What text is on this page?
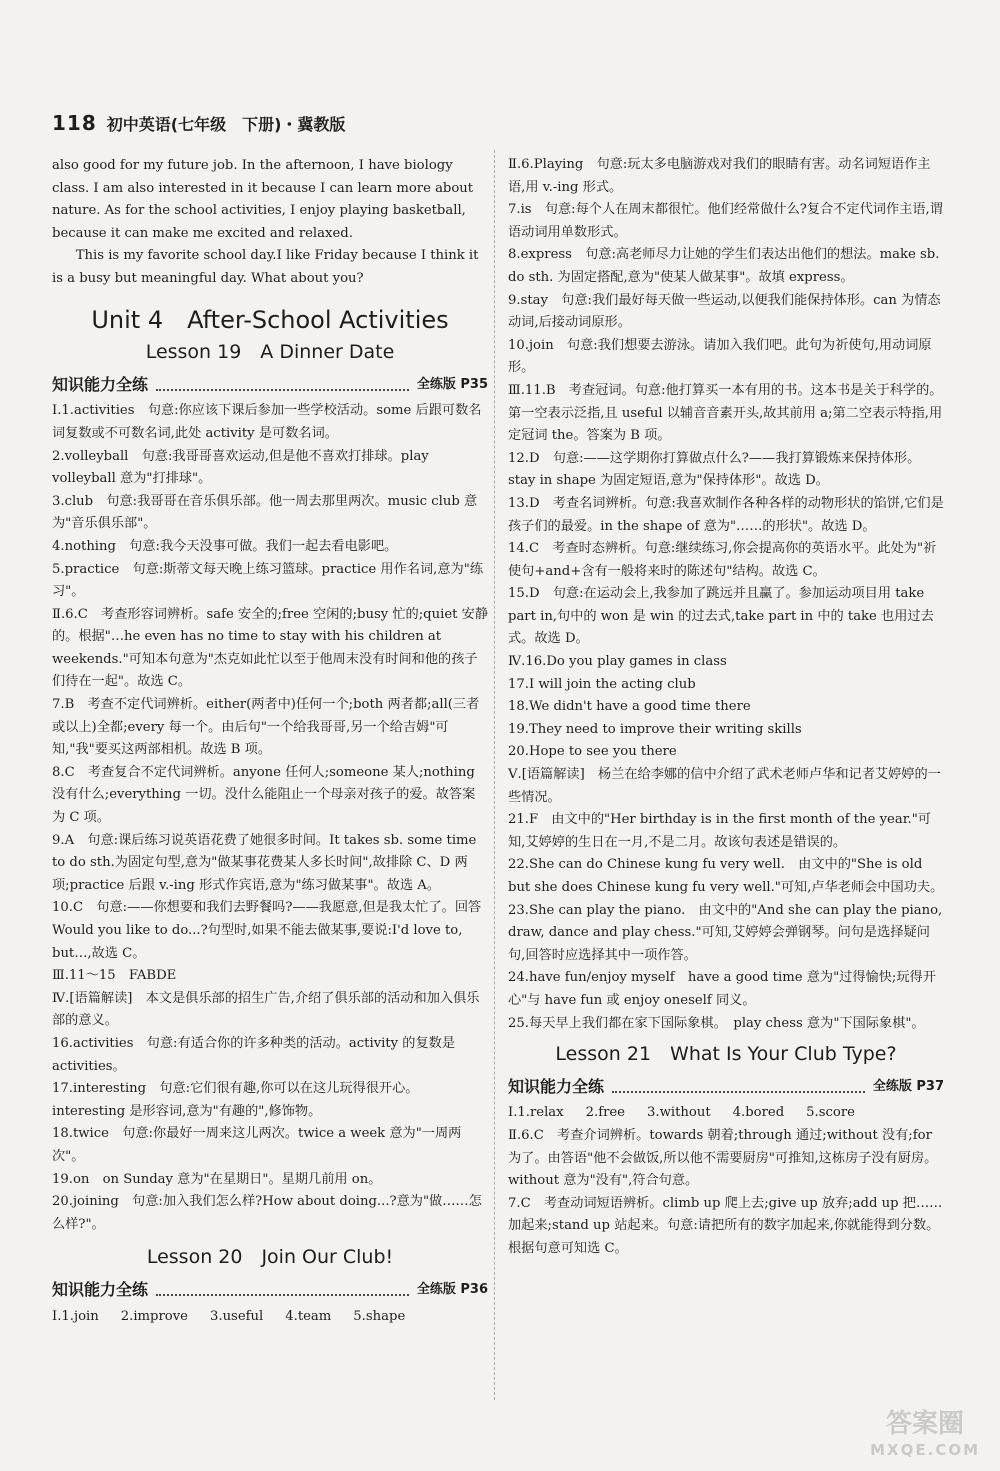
118 初中英语(七年级　下册)・冀教版

also good for my future job. In the afternoon, I have biology class. I am also interested in it because I can learn more about nature. As for the school activities, I enjoy playing basketball, because it can make me excited and relaxed.

This is my favorite school day.I like Friday because I think it is a busy but meaningful day. What about you?

Unit 4　After-School Activities
Lesson 19　A Dinner Date
知识能力全练	全练版 P35

Ⅰ.1.activities　句意:你应该下课后参加一些学校活动。some 后跟可数名词复数或不可数名词,此处 activity 是可数名词。

2.volleyball　句意:我哥哥喜欢运动,但是他不喜欢打排球。play volleyball 意为"打排球"。

3.club　句意:我哥哥在音乐俱乐部。他一周去那里两次。music club 意为"音乐俱乐部"。

4.nothing　句意:我今天没事可做。我们一起去看电影吧。

5.practice　句意:斯蒂文每天晚上练习篮球。practice 用作名词,意为"练习"。

Ⅱ.6.C　考查形容词辨析。safe 安全的;free 空闲的;busy 忙的;quiet 安静的。根据"…he even has no time to stay with his children at weekends."可知本句意为"杰克如此忙以至于他周末没有时间和他的孩子们待在一起"。故选 C。

7.B　考查不定代词辨析。either(两者中)任何一个;both 两者都;all(三者或以上)全都;every 每一个。由后句"一个给我哥哥,另一个给吉姆"可知,"我"要买这两部相机。故选 B 项。

8.C　考查复合不定代词辨析。anyone 任何人;someone 某人;nothing 没有什么;everything 一切。没什么能阻止一个母亲对孩子的爱。故答案为 C 项。

9.A　句意:课后练习说英语花费了她很多时间。It takes sb. some time to do sth.为固定句型,意为"做某事花费某人多长时间",故排除 C、D 两项;practice 后跟 v.-ing 形式作宾语,意为"练习做某事"。故选 A。

10.C　句意:——你想要和我们去野餐吗?——我愿意,但是我太忙了。回答 Would you like to do...?句型时,如果不能去做某事,要说:I'd love to, but…,故选 C。

Ⅲ.11～15　FABDE

Ⅳ.[语篇解读]　本文是俱乐部的招生广告,介绍了俱乐部的活动和加入俱乐部的意义。

16.activities　句意:有适合你的许多种类的活动。activity 的复数是 activities。

17.interesting　句意:它们很有趣,你可以在这儿玩得很开心。interesting 是形容词,意为"有趣的",修饰物。

18.twice　句意:你最好一周来这儿两次。twice a week 意为"一周两次"。

19.on　on Sunday 意为"在星期日"。星期几前用 on。

20.joining　句意:加入我们怎么样?How about doing...?意为"做……怎么样?"。

Lesson 20　Join Our Club!
知识能力全练	全练版 P36
Ⅰ.1.join 2.improve 3.useful 4.team 5.shape

Ⅱ.6.Playing　句意:玩太多电脑游戏对我们的眼睛有害。动名词短语作主语,用 v.-ing 形式。

7.is　句意:每个人在周末都很忙。他们经常做什么?复合不定代词作主语,谓语动词用单数形式。

8.express　句意:高老师尽力让她的学生们表达出他们的想法。make sb. do sth. 为固定搭配,意为"使某人做某事"。故填 express。

9.stay　句意:我们最好每天做一些运动,以便我们能保持体形。can 为情态动词,后接动词原形。

10.join　句意:我们想要去游泳。请加入我们吧。此句为祈使句,用动词原形。

Ⅲ.11.B　考查冠词。句意:他打算买一本有用的书。这本书是关于科学的。第一空表示泛指,且 useful 以辅音音素开头,故其前用 a;第二空表示特指,用定冠词 the。答案为 B 项。

12.D　句意:——这学期你打算做点什么?——我打算锻炼来保持体形。stay in shape 为固定短语,意为"保持体形"。故选 D。

13.D　考查名词辨析。句意:我喜欢制作各种各样的动物形状的馅饼,它们是孩子们的最爱。in the shape of 意为"……的形状"。故选 D。

14.C　考查时态辨析。句意:继续练习,你会提高你的英语水平。此处为"祈使句+and+含有一般将来时的陈述句"结构。故选 C。

15.D　句意:在运动会上,我参加了跳远并且赢了。参加运动项目用 take part in,句中的 won 是 win 的过去式,take part in 中的 take 也用过去式。故选 D。

Ⅳ.16.Do you play games in class

17.I will join the acting club

18.We didn't have a good time there

19.They need to improve their writing skills

20.Hope to see you there

Ⅴ.[语篇解读]　杨兰在给李娜的信中介绍了武术老师卢华和记者艾婷婷的一些情况。

21.F　由文中的"Her birthday is in the first month of the year."可知,艾婷婷的生日在一月,不是二月。故该句表述是错误的。

22.She can do Chinese kung fu very well.　由文中的"She is old but she does Chinese kung fu very well."可知,卢华老师会中国功夫。

23.She can play the piano.　由文中的"And she can play the piano, draw, dance and play chess."可知,艾婷婷会弹钢琴。问句是选择疑问句,回答时应选择其中一项作答。

24.have fun/enjoy myself　have a good time 意为"过得愉快;玩得开心"与 have fun 或 enjoy oneself 同义。

25.每天早上我们都在家下国际象棋。　play chess 意为"下国际象棋"。

Lesson 21　What Is Your Club Type?
知识能力全练	全练版 P37
Ⅰ.1.relax 2.free 3.without 4.bored 5.score

Ⅱ.6.C　考查介词辨析。towards 朝着;through 通过;without 没有;for 为了。由答语"他不会做饭,所以他不需要厨房"可推知,这栋房子没有厨房。without 意为"没有",符合句意。

7.C　考查动词短语辨析。climb up 爬上去;give up 放弃;add up 把……加起来;stand up 站起来。句意:请把所有的数字加起来,你就能得到分数。根据句意可知选 C。

答案圈
MXQE.COM
